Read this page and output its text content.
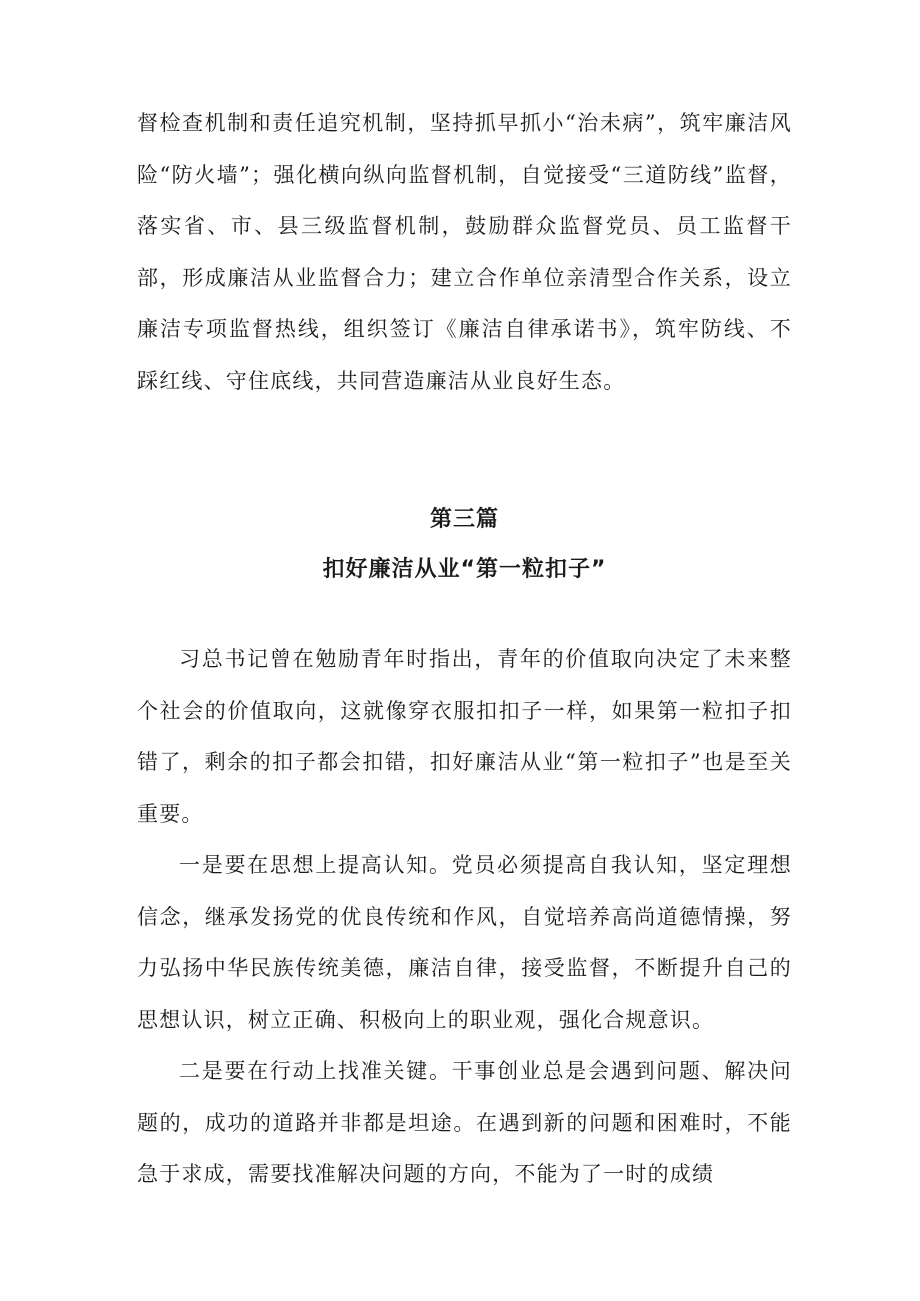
督检查机制和责任追究机制，坚持抓早抓小“治未病”，筑牢廉洁风险“防火墙”；强化横向纵向监督机制，自觉接受“三道防线”监督，落实省、市、县三级监督机制，鼓励群众监督党员、员工监督干部，形成廉洁从业监督合力；建立合作单位亲清型合作关系，设立廉洁专项监督热线，组织签订《廉洁自律承诺书》，筑牢防线、不踩红线、守住底线，共同营造廉洁从业良好生态。

第三篇
扣好廉洁从业“第一粒扣子”

习总书记曾在勉励青年时指出，青年的价值取向决定了未来整个社会的价值取向，这就像穿衣服扣扣子一样，如果第一粒扣子扣错了，剩余的扣子都会扣错，扣好廉洁从业“第一粒扣子”也是至关重要。

一是要在思想上提高认知。党员必须提高自我认知，坚定理想信念，继承发扬党的优良传统和作风，自觉培养高尚道德情操，努力弘扬中华民族传统美德，廉洁自律，接受监督，不断提升自己的思想认识，树立正确、积极向上的职业观，强化合规意识。

二是要在行动上找准关键。干事创业总是会遇到问题、解决问题的，成功的道路并非都是坦途。在遇到新的问题和困难时，不能急于求成，需要找准解决问题的方向，不能为了一时的成绩
